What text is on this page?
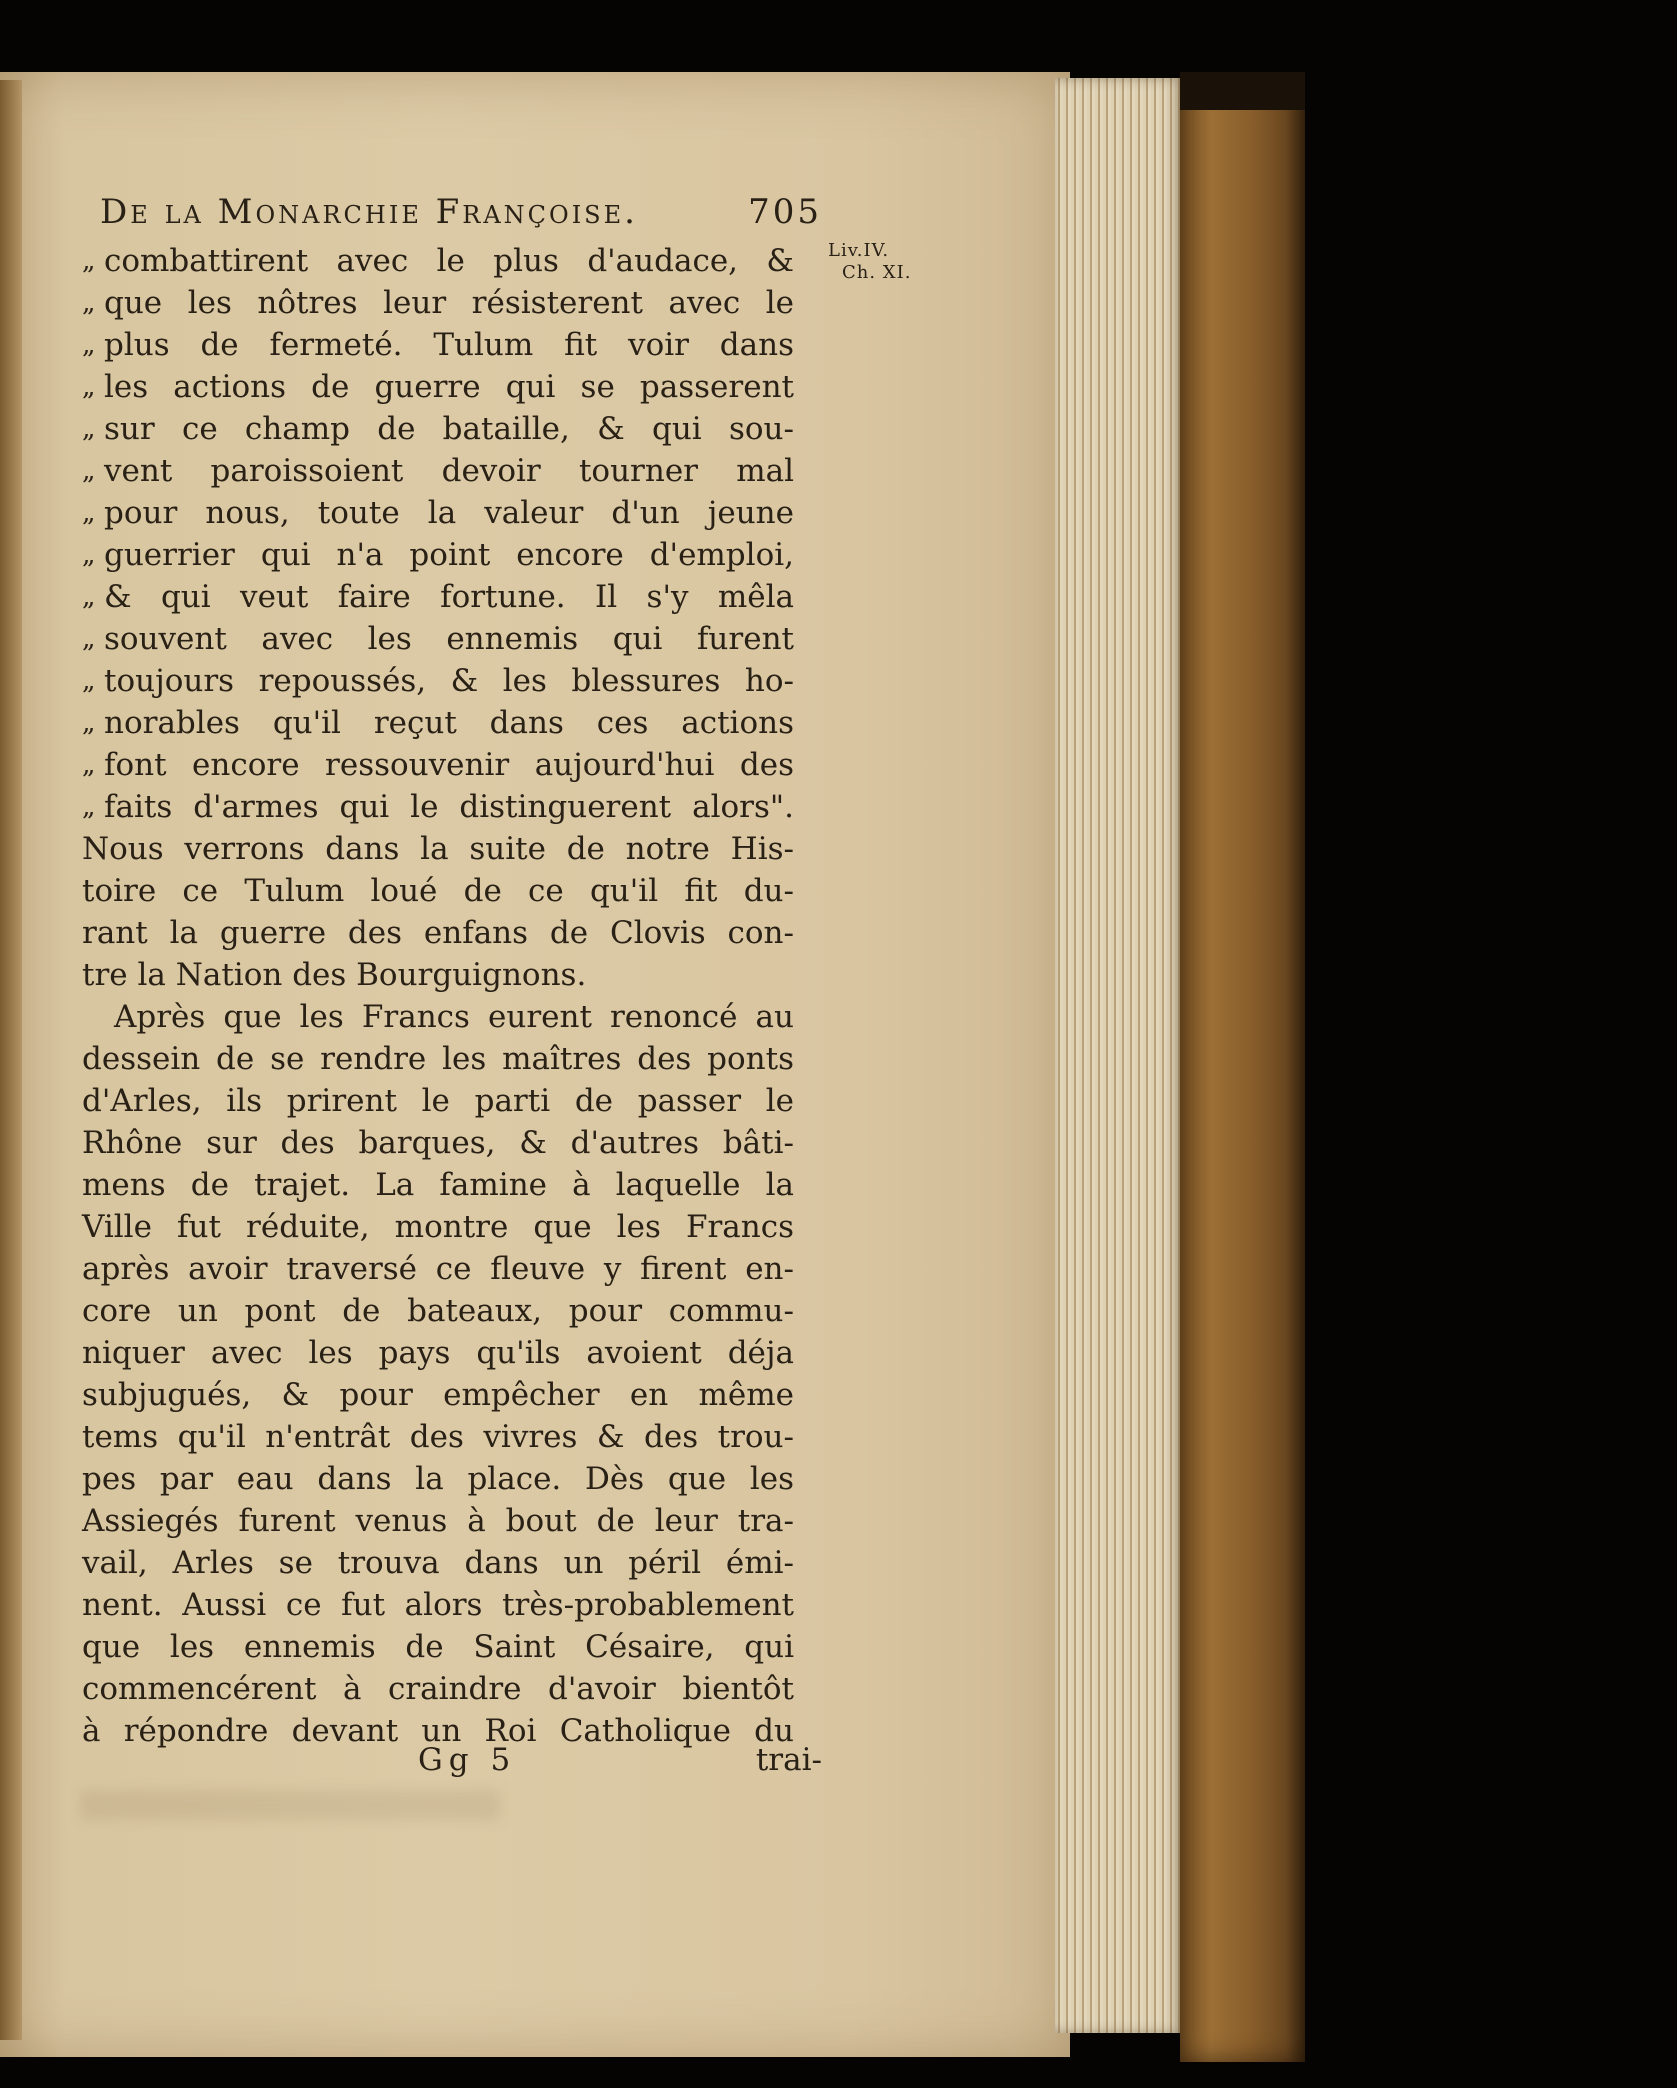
De la Monarchie Françoise.	705
Liv.IV.
Ch. XI.
„ combattirent avec le plus d'audace, &
„ que les nôtres leur résisterent avec le
„ plus de fermeté. Tulum fit voir dans
„ les actions de guerre qui se passerent
„ sur ce champ de bataille, & qui sou-
„ vent paroissoient devoir tourner mal
„ pour nous, toute la valeur d'un jeune
„ guerrier qui n'a point encore d'emploi,
„ & qui veut faire fortune. Il s'y mêla
„ souvent avec les ennemis qui furent
„ toujours repoussés, & les blessures ho-
„ norables qu'il reçut dans ces actions
„ font encore ressouvenir aujourd'hui des
„ faits d'armes qui le distinguerent alors".
Nous verrons dans la suite de notre His-
toire ce Tulum loué de ce qu'il fit du-
rant la guerre des enfans de Clovis con-
tre la Nation des Bourguignons.
Après que les Francs eurent renoncé au
dessein de se rendre les maîtres des ponts
d'Arles, ils prirent le parti de passer le
Rhône sur des barques, & d'autres bâti-
mens de trajet. La famine à laquelle la
Ville fut réduite, montre que les Francs
après avoir traversé ce fleuve y firent en-
core un pont de bateaux, pour commu-
niquer avec les pays qu'ils avoient déja
subjugués, & pour empêcher en même
tems qu'il n'entrât des vivres & des trou-
pes par eau dans la place. Dès que les
Assiegés furent venus à bout de leur tra-
vail, Arles se trouva dans un péril émi-
nent. Aussi ce fut alors très-probablement
que les ennemis de Saint Césaire, qui
commencérent à craindre d'avoir bientôt
à répondre devant un Roi Catholique du
Gg 5	trai-
